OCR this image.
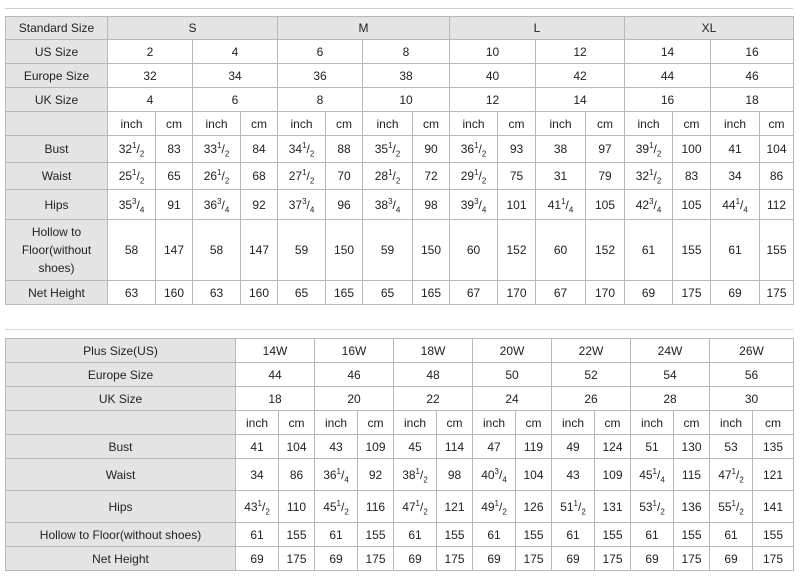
Standard Size	S				M				L				XL			
US Size	2		4		6		8		10		12		14		16	
Europe Size	32		34		36		38		40		42		44		46	
UK Size	4		6		8		10		12		14		16		18	
	inch	cm	inch	cm	inch	cm	inch	cm	inch	cm	inch	cm	inch	cm	inch	cm
Bust	$32^1/_2$	83	$33^1/_2$	84	$34^1/_2$	88	$35^1/_2$	90	$36^1/_2$	93	38	97	$39^1/_2$	100	41	104
Waist	$25^1/_2$	65	$26^1/_2$	68	$27^1/_2$	70	$28^1/_2$	72	$29^1/_2$	75	31	79	$32^1/_2$	83	34	86
Hips	$35^3/_4$	91	$36^3/_4$	92	$37^3/_4$	96	$38^3/_4$	98	$39^3/_4$	101	$41^1/_4$	105	$42^3/_4$	105	$44^1/_4$	112
Hollow to Floor(without shoes)	58	147	58	147	59	150	59	150	60	152	60	152	61	155	61	155
Net Height	63	160	63	160	65	165	65	165	67	170	67	170	69	175	69	175
Plus Size(US)	14W		16W		18W		20W		22W		24W		26W	
Europe Size	44		46		48		50		52		54		56	
UK Size	18		20		22		24		26		28		30	
	inch	cm	inch	cm	inch	cm	inch	cm	inch	cm	inch	cm	inch	cm
Bust	41	104	43	109	45	114	47	119	49	124	51	130	53	135
Waist	34	86	$36^1/_4$	92	$38^1/_2$	98	$40^3/_4$	104	43	109	$45^1/_4$	115	$47^1/_2$	121
Hips	$43^1/_2$	110	$45^1/_2$	116	$47^1/_2$	121	$49^1/_2$	126	$51^1/_2$	131	$53^1/_2$	136	$55^1/_2$	141
Hollow to Floor(without shoes)	61	155	61	155	61	155	61	155	61	155	61	155	61	155
Net Height	69	175	69	175	69	175	69	175	69	175	69	175	69	175
